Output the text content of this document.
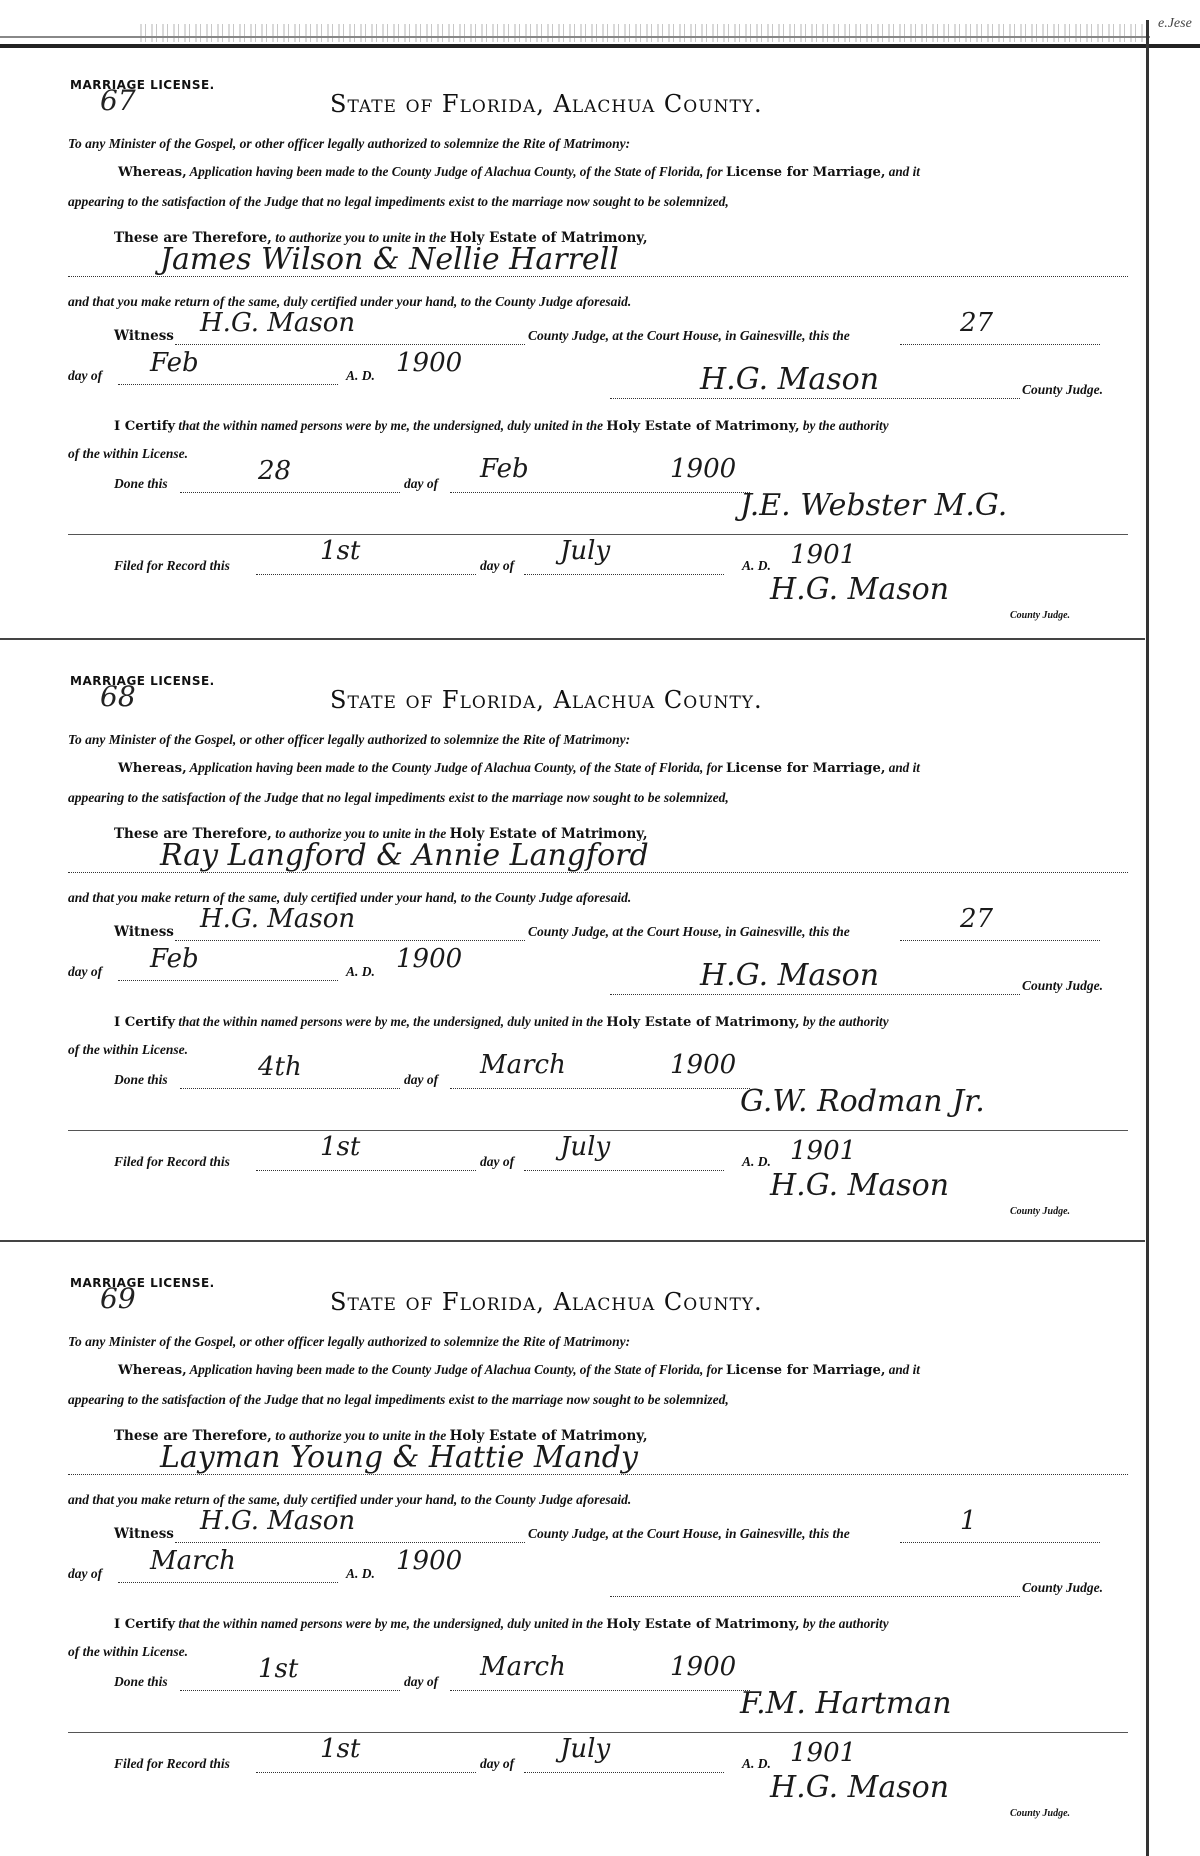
e.Jese
MARRIAGE LICENSE.
67	State of Florida, Alachua County.
To any Minister of the Gospel, or other officer legally authorized to solemnize the Rite of Matrimony:
Whereas, Application having been made to the County Judge of Alachua County, of the State of Florida, for License for Marriage, and it
appearing to the satisfaction of the Judge that no legal impediments exist to the marriage now sought to be solemnized,
These are Therefore, to authorize you to unite in the Holy Estate of Matrimony,
James Wilson & Nellie Harrell
and that you make return of the same, duly certified under your hand, to the County Judge aforesaid.
Witness H.G. Mason	County Judge, at the Court House, in Gainesville, this the	27
day of Feb	A. D. 1900	H.G. Mason	County Judge.
I Certify that the within named persons were by me, the undersigned, duly united in the Holy Estate of Matrimony, by the authority
of the within License.
Done this	28	day of Feb	1900
J.E. Webster M.G.
Filed for Record this	1st	day of July	A. D. 1901
H.G. Mason
County Judge.
MARRIAGE LICENSE.
68	State of Florida, Alachua County.
To any Minister of the Gospel, or other officer legally authorized to solemnize the Rite of Matrimony:
Whereas, Application having been made to the County Judge of Alachua County, of the State of Florida, for License for Marriage, and it
appearing to the satisfaction of the Judge that no legal impediments exist to the marriage now sought to be solemnized,
These are Therefore, to authorize you to unite in the Holy Estate of Matrimony,
Ray Langford & Annie Langford
and that you make return of the same, duly certified under your hand, to the County Judge aforesaid.
Witness H.G. Mason	County Judge, at the Court House, in Gainesville, this the	27
day of Feb	A. D. 1900	H.G. Mason	County Judge.
I Certify that the within named persons were by me, the undersigned, duly united in the Holy Estate of Matrimony, by the authority
of the within License.
Done this	4th	day of March	1900
G.W. Rodman Jr.
Filed for Record this	1st	day of July	A. D. 1901
H.G. Mason
County Judge.
MARRIAGE LICENSE.
69	State of Florida, Alachua County.
To any Minister of the Gospel, or other officer legally authorized to solemnize the Rite of Matrimony:
Whereas, Application having been made to the County Judge of Alachua County, of the State of Florida, for License for Marriage, and it
appearing to the satisfaction of the Judge that no legal impediments exist to the marriage now sought to be solemnized,
These are Therefore, to authorize you to unite in the Holy Estate of Matrimony,
Layman Young & Hattie Mandy
and that you make return of the same, duly certified under your hand, to the County Judge aforesaid.
Witness H.G. Mason	County Judge, at the Court House, in Gainesville, this the	1
day of March	A. D. 1900
County Judge.
I Certify that the within named persons were by me, the undersigned, duly united in the Holy Estate of Matrimony, by the authority
of the within License.
Done this	1st	day of March	1900
F.M. Hartman
Filed for Record this	1st	day of July	A. D. 1901
H.G. Mason
County Judge.
